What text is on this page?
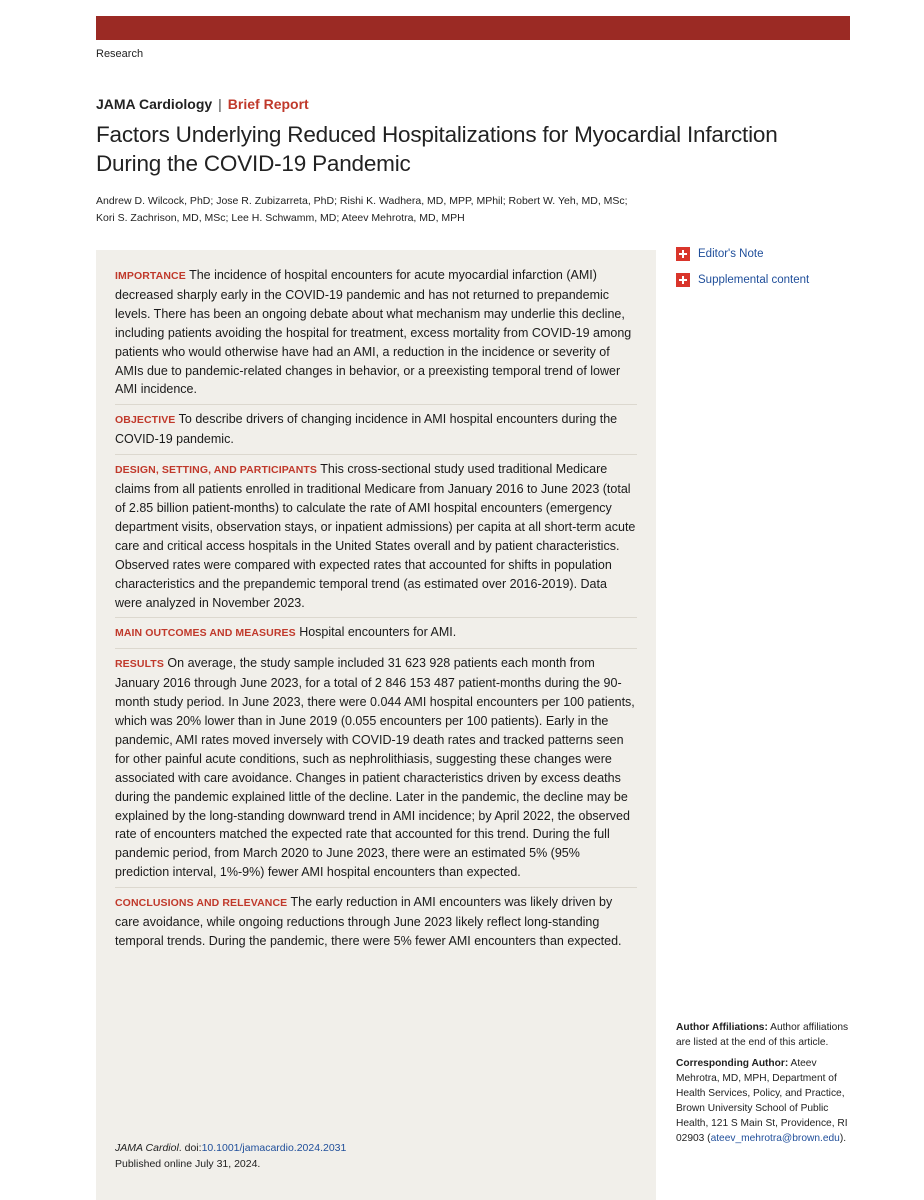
Research
JAMA Cardiology | Brief Report
Factors Underlying Reduced Hospitalizations for Myocardial Infarction During the COVID-19 Pandemic
Andrew D. Wilcock, PhD; Jose R. Zubizarreta, PhD; Rishi K. Wadhera, MD, MPP, MPhil; Robert W. Yeh, MD, MSc;
Kori S. Zachrison, MD, MSc; Lee H. Schwamm, MD; Ateev Mehrotra, MD, MPH
IMPORTANCE The incidence of hospital encounters for acute myocardial infarction (AMI) decreased sharply early in the COVID-19 pandemic and has not returned to prepandemic levels. There has been an ongoing debate about what mechanism may underlie this decline, including patients avoiding the hospital for treatment, excess mortality from COVID-19 among patients who would otherwise have had an AMI, a reduction in the incidence or severity of AMIs due to pandemic-related changes in behavior, or a preexisting temporal trend of lower AMI incidence.
OBJECTIVE To describe drivers of changing incidence in AMI hospital encounters during the COVID-19 pandemic.
DESIGN, SETTING, AND PARTICIPANTS This cross-sectional study used traditional Medicare claims from all patients enrolled in traditional Medicare from January 2016 to June 2023 (total of 2.85 billion patient-months) to calculate the rate of AMI hospital encounters (emergency department visits, observation stays, or inpatient admissions) per capita at all short-term acute care and critical access hospitals in the United States overall and by patient characteristics. Observed rates were compared with expected rates that accounted for shifts in population characteristics and the prepandemic temporal trend (as estimated over 2016-2019). Data were analyzed in November 2023.
MAIN OUTCOMES AND MEASURES Hospital encounters for AMI.
RESULTS On average, the study sample included 31 623 928 patients each month from January 2016 through June 2023, for a total of 2 846 153 487 patient-months during the 90-month study period. In June 2023, there were 0.044 AMI hospital encounters per 100 patients, which was 20% lower than in June 2019 (0.055 encounters per 100 patients). Early in the pandemic, AMI rates moved inversely with COVID-19 death rates and tracked patterns seen for other painful acute conditions, such as nephrolithiasis, suggesting these changes were associated with care avoidance. Changes in patient characteristics driven by excess deaths during the pandemic explained little of the decline. Later in the pandemic, the decline may be explained by the long-standing downward trend in AMI incidence; by April 2022, the observed rate of encounters matched the expected rate that accounted for this trend. During the full pandemic period, from March 2020 to June 2023, there were an estimated 5% (95% prediction interval, 1%-9%) fewer AMI hospital encounters than expected.
CONCLUSIONS AND RELEVANCE The early reduction in AMI encounters was likely driven by care avoidance, while ongoing reductions through June 2023 likely reflect long-standing temporal trends. During the pandemic, there were 5% fewer AMI encounters than expected.
JAMA Cardiol. doi:10.1001/jamacardio.2024.2031
Published online July 31, 2024.
Editor's Note
Supplemental content

Author Affiliations: Author affiliations are listed at the end of this article.

Corresponding Author: Ateev Mehrotra, MD, MPH, Department of Health Services, Policy, and Practice, Brown University School of Public Health, 121 S Main St, Providence, RI 02903 (ateev_mehrotra@brown.edu).
